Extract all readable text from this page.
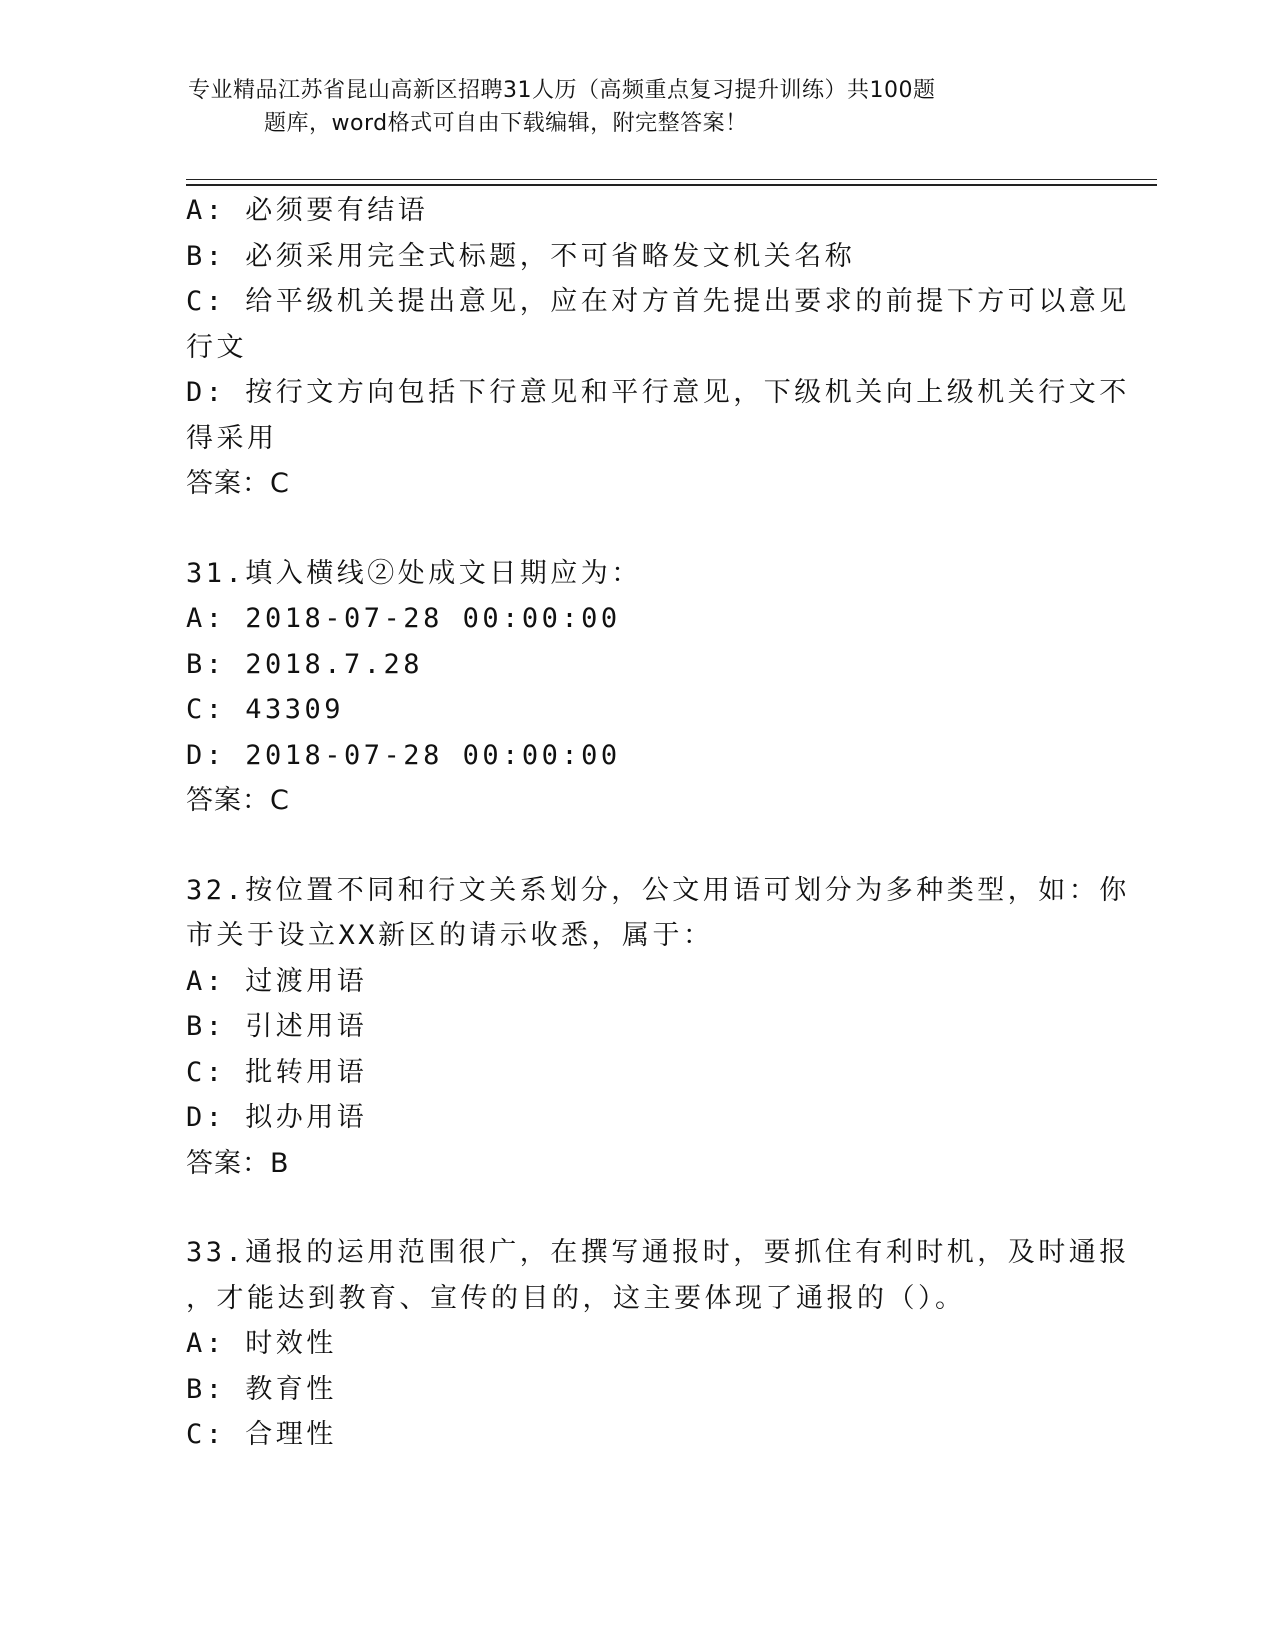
专业精品江苏省昆山高新区招聘31人历（高频重点复习提升训练）共100题
题库，word格式可自由下载编辑，附完整答案！
A: 必须要有结语
B: 必须采用完全式标题，不可省略发文机关名称
C: 给平级机关提出意见，应在对方首先提出要求的前提下方可以意见
行文
D: 按行文方向包括下行意见和平行意见，下级机关向上级机关行文不
得采用
答案：C
31.填入横线②处成文日期应为：
A: 2018-07-28 00:00:00
B: 2018.7.28
C: 43309
D: 2018-07-28 00:00:00
答案：C
32.按位置不同和行文关系划分，公文用语可划分为多种类型，如：你
市关于设立XX新区的请示收悉，属于：
A: 过渡用语
B: 引述用语
C: 批转用语
D: 拟办用语
答案：B
33.通报的运用范围很广，在撰写通报时，要抓住有利时机，及时通报
，才能达到教育、宣传的目的，这主要体现了通报的（）。
A: 时效性
B: 教育性
C: 合理性
